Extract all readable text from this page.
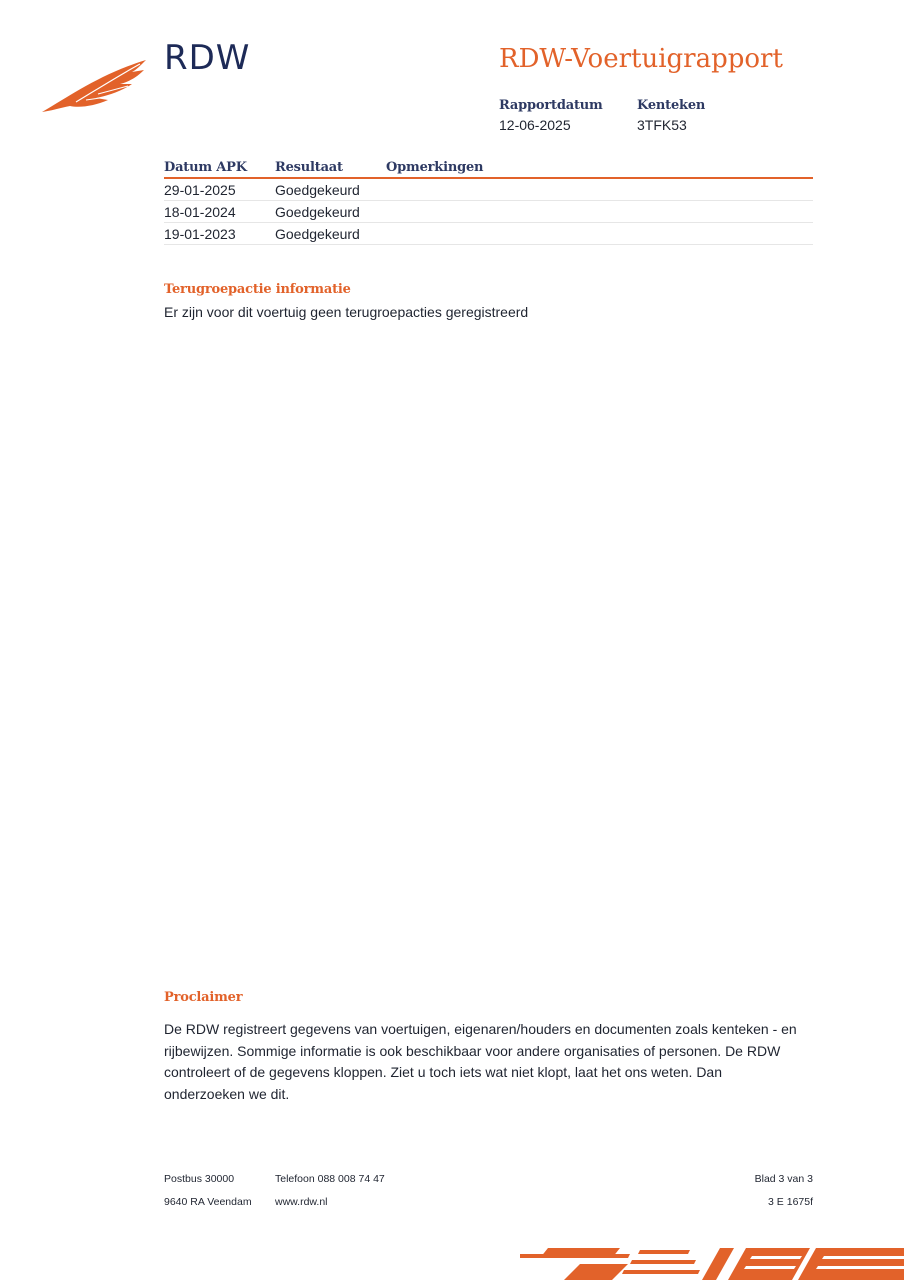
RDW	RDW-Voertuigrapport
Rapportdatum
12-06-2025
Kenteken
3TFK53
Datum APK	Resultaat	Opmerkingen
29-01-2025	Goedgekeurd	
18-01-2024	Goedgekeurd	
19-01-2023	Goedgekeurd	
Terugroepactie informatie

Er zijn voor dit voertuig geen terugroepacties geregistreerd

Proclaimer

De RDW registreert gegevens van voertuigen, eigenaren/houders en documenten zoals kenteken - en rijbewijzen. Sommige informatie is ook beschikbaar voor andere organisaties of personen. De RDW controleert of de gegevens kloppen. Ziet u toch iets wat niet klopt, laat het ons weten. Dan onderzoeken we dit.

Postbus 30000
9640 RA Veendam
Telefoon 088 008 74 47
www.rdw.nl
Blad 3 van 3
3 E 1675f
